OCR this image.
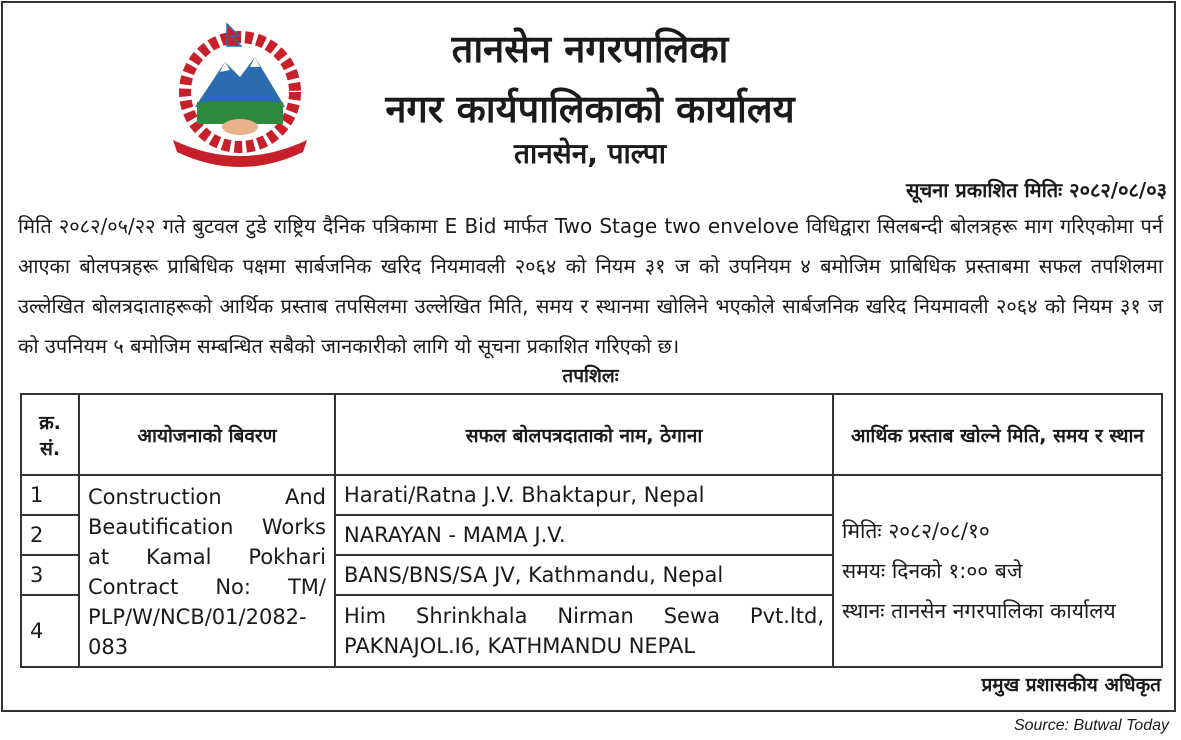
तानसेन नगरपालिका
नगर कार्यपालिकाको कार्यालय
तानसेन, पाल्पा
सूचना प्रकाशित मितिः २०८२/०८/०३
मिति २०८२/०५/२२ गते बुटवल टुडे राष्ट्रिय दैनिक पत्रिकामा E Bid मार्फत Two Stage two envelove विधिद्वारा सिलबन्दी बोलत्रहरू माग गरिएकोमा पर्न आएका बोलपत्रहरू प्राबिधिक पक्षमा सार्बजनिक खरिद नियमावली २०६४ को नियम ३१ ज को उपनियम ४ बमोजिम प्राबिधिक प्रस्ताबमा सफल तपशिलमा उल्लेखित बोलत्रदाताहरूको आर्थिक प्रस्ताब तपसिलमा उल्लेखित मिति, समय र स्थानमा खोलिने भएकोले सार्बजनिक खरिद नियमावली २०६४ को नियम ३१ ज को उपनियम ५ बमोजिम सम्बन्धित सबैको जानकारीको लागि यो सूचना प्रकाशित गरिएको छ।
तपशिलः
क्र. सं.	आयोजनाको बिवरण	सफल बोलपत्रदाताको नाम, ठेगाना	आर्थिक प्रस्ताब खोल्ने मिति, समय र स्थान
1	Construction And Beautification Works at Kamal Pokhari Contract No: TM/ PLP/W/NCB/01/2082-083	Harati/Ratna J.V. Bhaktapur, Nepal	मितिः २०८२/०८/१०
समयः दिनको १:०० बजे
स्थानः तानसेन नगरपालिका कार्यालय

2		NARAYAN - MAMA J.V.	
3		BANS/BNS/SA JV, Kathmandu, Nepal	
4		Him Shrinkhala Nirman Sewa Pvt.ltd, PAKNAJOL.I6, KATHMANDU NEPAL	
प्रमुख प्रशासकीय अधिकृत
Source: Butwal Today
